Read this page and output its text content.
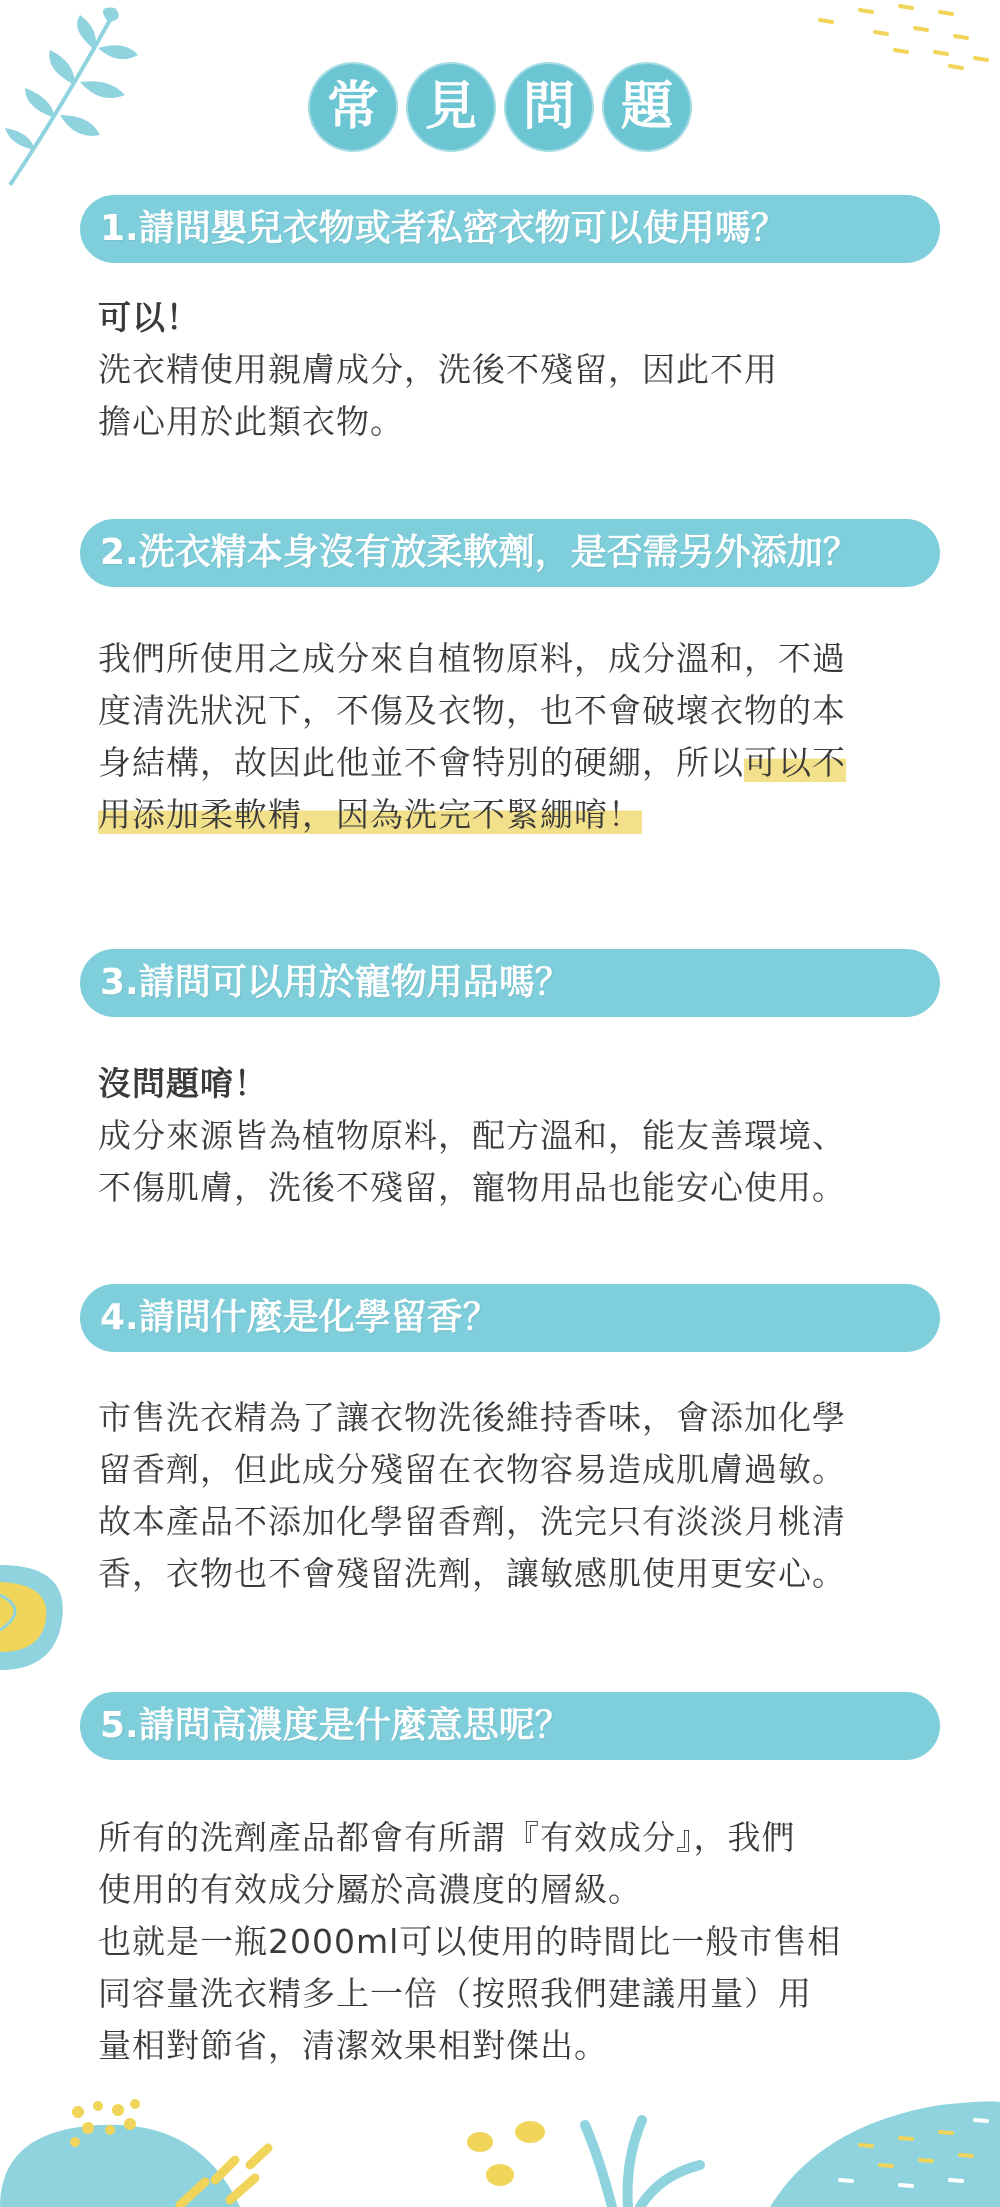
常 見 問 題
1.請問嬰兒衣物或者私密衣物可以使用嗎？

可以！

洗衣精使用親膚成分，洗後不殘留，因此不用

擔心用於此類衣物。

2.洗衣精本身沒有放柔軟劑，是否需另外添加？

我們所使用之成分來自植物原料，成分溫和，不過

度清洗狀況下，不傷及衣物，也不會破壞衣物的本

身結構，故因此他並不會特別的硬綳，所以可以不

用添加柔軟精，因為洗完不緊綳唷！

3.請問可以用於寵物用品嗎？

沒問題唷！

成分來源皆為植物原料，配方溫和，能友善環境、

不傷肌膚，洗後不殘留，寵物用品也能安心使用。

4.請問什麼是化學留香？

市售洗衣精為了讓衣物洗後維持香味，會添加化學

留香劑，但此成分殘留在衣物容易造成肌膚過敏。

故本產品不添加化學留香劑，洗完只有淡淡月桃清

香，衣物也不會殘留洗劑，讓敏感肌使用更安心。

5.請問高濃度是什麼意思呢？

所有的洗劑產品都會有所謂『有效成分』，我們

使用的有效成分屬於高濃度的層級。

也就是一瓶2000ml可以使用的時間比一般市售相

同容量洗衣精多上一倍（按照我們建議用量）用

量相對節省，清潔效果相對傑出。
